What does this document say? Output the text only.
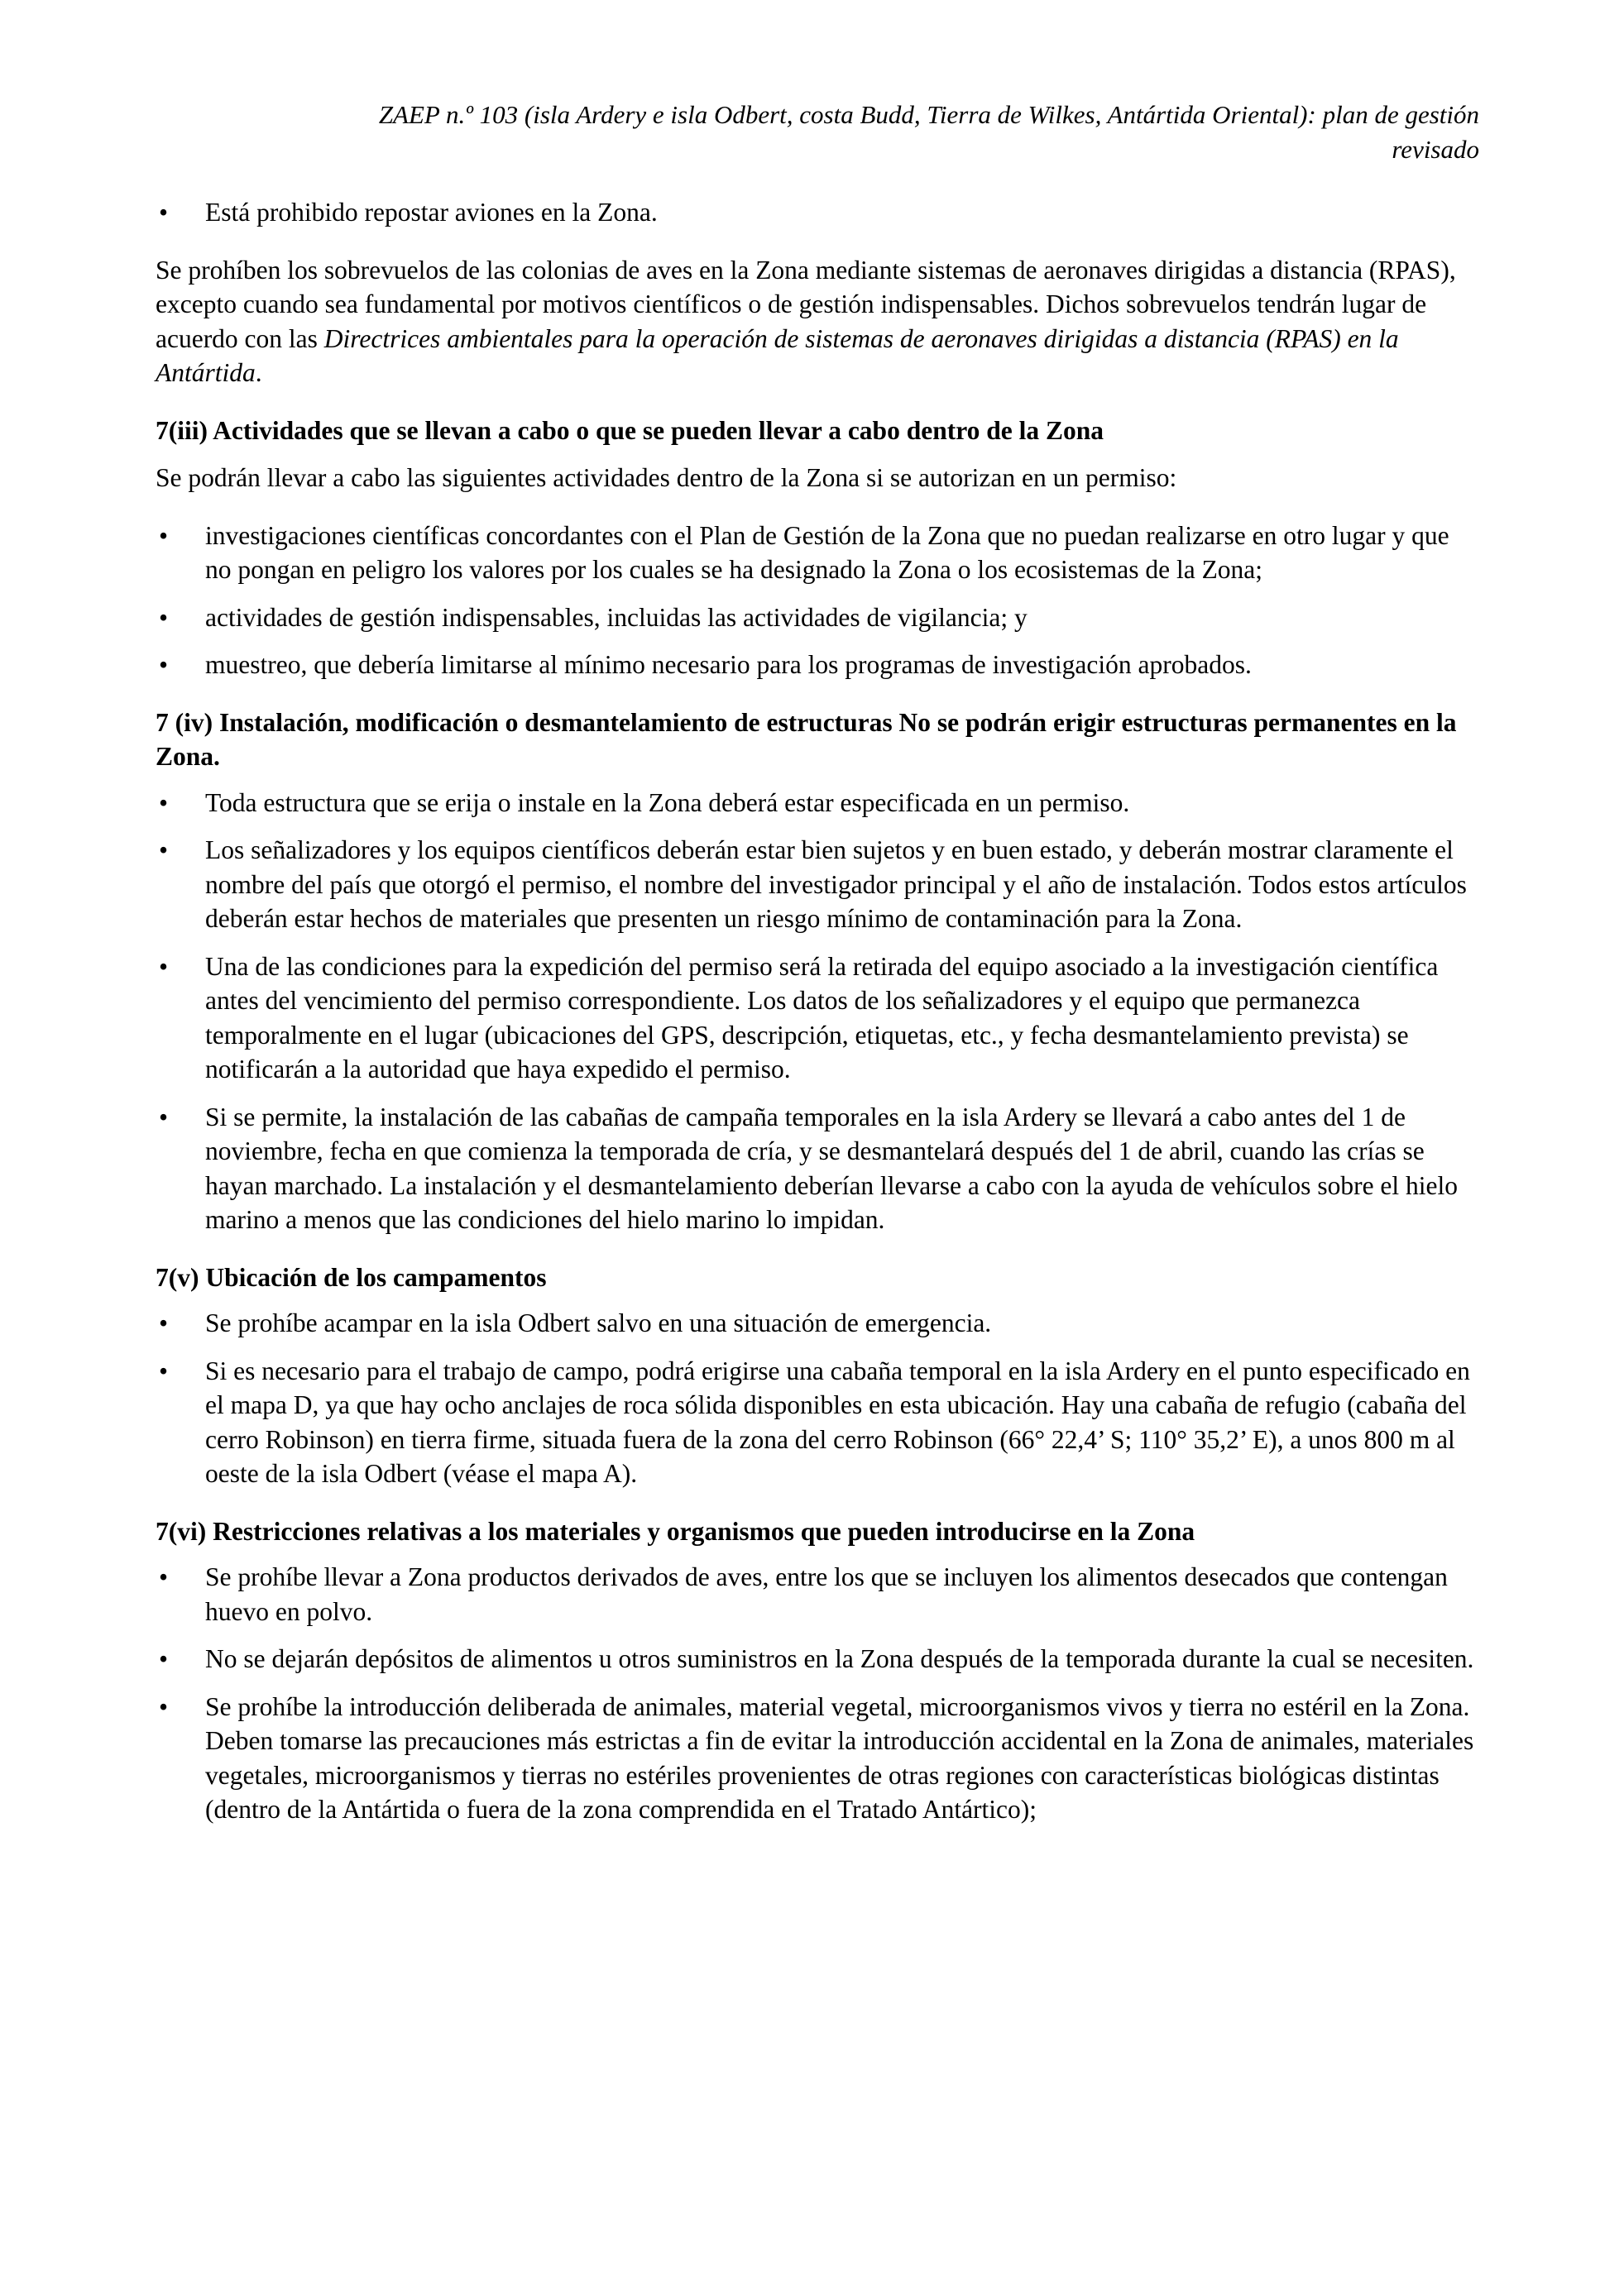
ZAEP n.º 103 (isla Ardery e isla Odbert, costa Budd, Tierra de Wilkes, Antártida Oriental): plan de gestión
revisado
•	Está prohibido repostar aviones en la Zona.

Se prohíben los sobrevuelos de las colonias de aves en la Zona mediante sistemas de aeronaves dirigidas a distancia (RPAS), excepto cuando sea fundamental por motivos científicos o de gestión indispensables. Dichos sobrevuelos tendrán lugar de acuerdo con las Directrices ambientales para la operación de sistemas de aeronaves dirigidas a distancia (RPAS) en la Antártida.

7(iii) Actividades que se llevan a cabo o que se pueden llevar a cabo dentro de la Zona

Se podrán llevar a cabo las siguientes actividades dentro de la Zona si se autorizan en un permiso:

•	investigaciones científicas concordantes con el Plan de Gestión de la Zona que no puedan realizarse en otro lugar y que no pongan en peligro los valores por los cuales se ha designado la Zona o los ecosistemas de la Zona;
•	actividades de gestión indispensables, incluidas las actividades de vigilancia; y
•	muestreo, que debería limitarse al mínimo necesario para los programas de investigación aprobados.
7 (iv) Instalación, modificación o desmantelamiento de estructuras No se podrán erigir estructuras permanentes en la Zona.
•	Toda estructura que se erija o instale en la Zona deberá estar especificada en un permiso.
•	Los señalizadores y los equipos científicos deberán estar bien sujetos y en buen estado, y deberán mostrar claramente el nombre del país que otorgó el permiso, el nombre del investigador principal y el año de instalación. Todos estos artículos deberán estar hechos de materiales que presenten un riesgo mínimo de contaminación para la Zona.
•	Una de las condiciones para la expedición del permiso será la retirada del equipo asociado a la investigación científica antes del vencimiento del permiso correspondiente. Los datos de los señalizadores y el equipo que permanezca temporalmente en el lugar (ubicaciones del GPS, descripción, etiquetas, etc., y fecha desmantelamiento prevista) se notificarán a la autoridad que haya expedido el permiso.
•	Si se permite, la instalación de las cabañas de campaña temporales en la isla Ardery se llevará a cabo antes del 1 de noviembre, fecha en que comienza la temporada de cría, y se desmantelará después del 1 de abril, cuando las crías se hayan marchado. La instalación y el desmantelamiento deberían llevarse a cabo con la ayuda de vehículos sobre el hielo marino a menos que las condiciones del hielo marino lo impidan.
7(v) Ubicación de los campamentos
•	Se prohíbe acampar en la isla Odbert salvo en una situación de emergencia.
•	Si es necesario para el trabajo de campo, podrá erigirse una cabaña temporal en la isla Ardery en el punto especificado en el mapa D, ya que hay ocho anclajes de roca sólida disponibles en esta ubicación. Hay una cabaña de refugio (cabaña del cerro Robinson) en tierra firme, situada fuera de la zona del cerro Robinson (66° 22,4’ S; 110° 35,2’ E), a unos 800 m al oeste de la isla Odbert (véase el mapa A).
7(vi) Restricciones relativas a los materiales y organismos que pueden introducirse en la Zona
•	Se prohíbe llevar a Zona productos derivados de aves, entre los que se incluyen los alimentos desecados que contengan huevo en polvo.
•	No se dejarán depósitos de alimentos u otros suministros en la Zona después de la temporada durante la cual se necesiten.
•	Se prohíbe la introducción deliberada de animales, material vegetal, microorganismos vivos y tierra no estéril en la Zona. Deben tomarse las precauciones más estrictas a fin de evitar la introducción accidental en la Zona de animales, materiales vegetales, microorganismos y tierras no estériles provenientes de otras regiones con características biológicas distintas (dentro de la Antártida o fuera de la zona comprendida en el Tratado Antártico);
